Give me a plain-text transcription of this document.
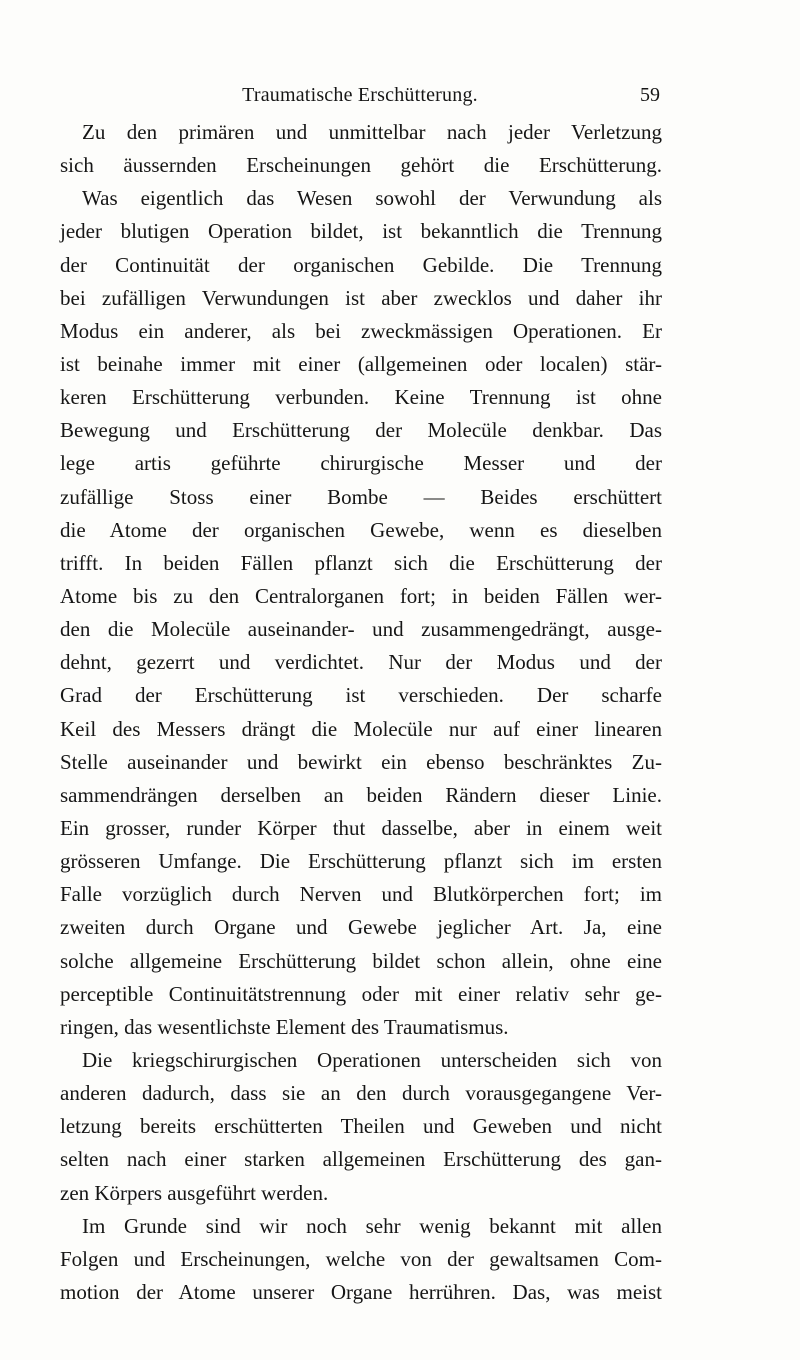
Traumatische Erschütterung.	59
Zu den primären und unmittelbar nach jeder Verletzung
sich äussernden Erscheinungen gehört die Erschütterung.
Was eigentlich das Wesen sowohl der Verwundung als
jeder blutigen Operation bildet, ist bekanntlich die Trennung
der Continuität der organischen Gebilde. Die Trennung
bei zufälligen Verwundungen ist aber zwecklos und daher ihr
Modus ein anderer, als bei zweckmässigen Operationen. Er
ist beinahe immer mit einer (allgemeinen oder localen) stär-
keren Erschütterung verbunden. Keine Trennung ist ohne
Bewegung und Erschütterung der Molecüle denkbar. Das
lege artis geführte chirurgische Messer und der
zufällige Stoss einer Bombe — Beides erschüttert
die Atome der organischen Gewebe, wenn es dieselben
trifft. In beiden Fällen pflanzt sich die Erschütterung der
Atome bis zu den Centralorganen fort; in beiden Fällen wer-
den die Molecüle auseinander- und zusammengedrängt, ausge-
dehnt, gezerrt und verdichtet. Nur der Modus und der
Grad der Erschütterung ist verschieden. Der scharfe
Keil des Messers drängt die Molecüle nur auf einer linearen
Stelle auseinander und bewirkt ein ebenso beschränktes Zu-
sammendrängen derselben an beiden Rändern dieser Linie.
Ein grosser, runder Körper thut dasselbe, aber in einem weit
grösseren Umfange. Die Erschütterung pflanzt sich im ersten
Falle vorzüglich durch Nerven und Blutkörperchen fort; im
zweiten durch Organe und Gewebe jeglicher Art. Ja, eine
solche allgemeine Erschütterung bildet schon allein, ohne eine
perceptible Continuitätstrennung oder mit einer relativ sehr ge-
ringen, das wesentlichste Element des Traumatismus.
Die kriegschirurgischen Operationen unterscheiden sich von
anderen dadurch, dass sie an den durch vorausgegangene Ver-
letzung bereits erschütterten Theilen und Geweben und nicht
selten nach einer starken allgemeinen Erschütterung des gan-
zen Körpers ausgeführt werden.
Im Grunde sind wir noch sehr wenig bekannt mit allen
Folgen und Erscheinungen, welche von der gewaltsamen Com-
motion der Atome unserer Organe herrühren. Das, was meist
